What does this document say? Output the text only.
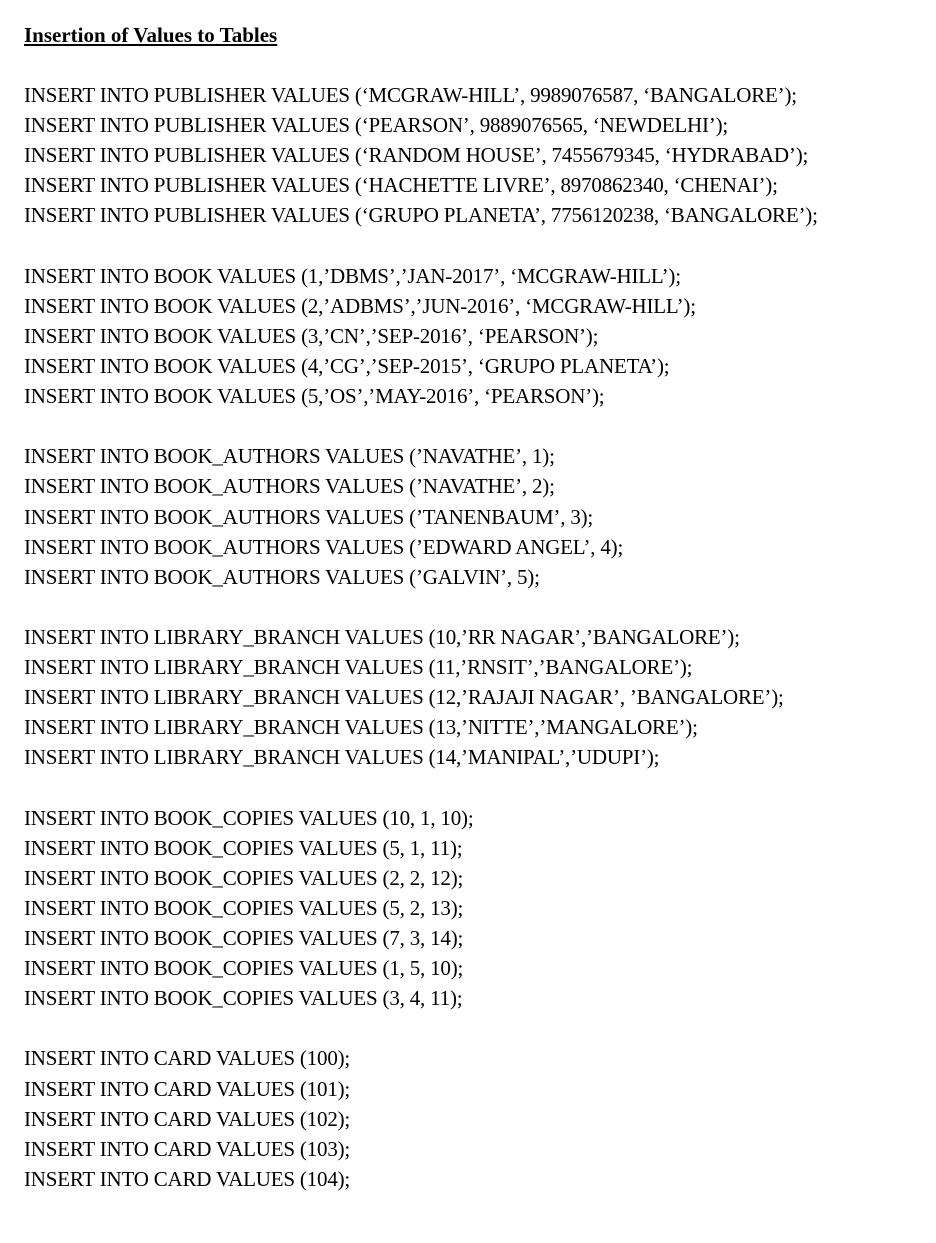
Insertion of Values to Tables
INSERT INTO PUBLISHER VALUES (‘MCGRAW-HILL’, 9989076587, ‘BANGALORE’);
INSERT INTO PUBLISHER VALUES (‘PEARSON’, 9889076565, ‘NEWDELHI’);
INSERT INTO PUBLISHER VALUES (‘RANDOM HOUSE’, 7455679345, ‘HYDRABAD’);
INSERT INTO PUBLISHER VALUES (‘HACHETTE LIVRE’, 8970862340, ‘CHENAI’);
INSERT INTO PUBLISHER VALUES (‘GRUPO PLANETA’, 7756120238, ‘BANGALORE’);
INSERT INTO BOOK VALUES (1,’DBMS’,’JAN-2017’, ‘MCGRAW-HILL’);
INSERT INTO BOOK VALUES (2,’ADBMS’,’JUN-2016’, ‘MCGRAW-HILL’);
INSERT INTO BOOK VALUES (3,’CN’,’SEP-2016’, ‘PEARSON’);
INSERT INTO BOOK VALUES (4,’CG’,’SEP-2015’, ‘GRUPO PLANETA’);
INSERT INTO BOOK VALUES (5,’OS’,’MAY-2016’, ‘PEARSON’);
INSERT INTO BOOK_AUTHORS VALUES (’NAVATHE’, 1);
INSERT INTO BOOK_AUTHORS VALUES (’NAVATHE’, 2);
INSERT INTO BOOK_AUTHORS VALUES (’TANENBAUM’, 3);
INSERT INTO BOOK_AUTHORS VALUES (’EDWARD ANGEL’, 4);
INSERT INTO BOOK_AUTHORS VALUES (’GALVIN’, 5);
INSERT INTO LIBRARY_BRANCH VALUES (10,’RR NAGAR’,’BANGALORE’);
INSERT INTO LIBRARY_BRANCH VALUES (11,’RNSIT’,’BANGALORE’);
INSERT INTO LIBRARY_BRANCH VALUES (12,’RAJAJI NAGAR’, ’BANGALORE’);
INSERT INTO LIBRARY_BRANCH VALUES (13,’NITTE’,’MANGALORE’);
INSERT INTO LIBRARY_BRANCH VALUES (14,’MANIPAL’,’UDUPI’);
INSERT INTO BOOK_COPIES VALUES (10, 1, 10);
INSERT INTO BOOK_COPIES VALUES (5, 1, 11);
INSERT INTO BOOK_COPIES VALUES (2, 2, 12);
INSERT INTO BOOK_COPIES VALUES (5, 2, 13);
INSERT INTO BOOK_COPIES VALUES (7, 3, 14);
INSERT INTO BOOK_COPIES VALUES (1, 5, 10);
INSERT INTO BOOK_COPIES VALUES (3, 4, 11);
INSERT INTO CARD VALUES (100);
INSERT INTO CARD VALUES (101);
INSERT INTO CARD VALUES (102);
INSERT INTO CARD VALUES (103);
INSERT INTO CARD VALUES (104);
